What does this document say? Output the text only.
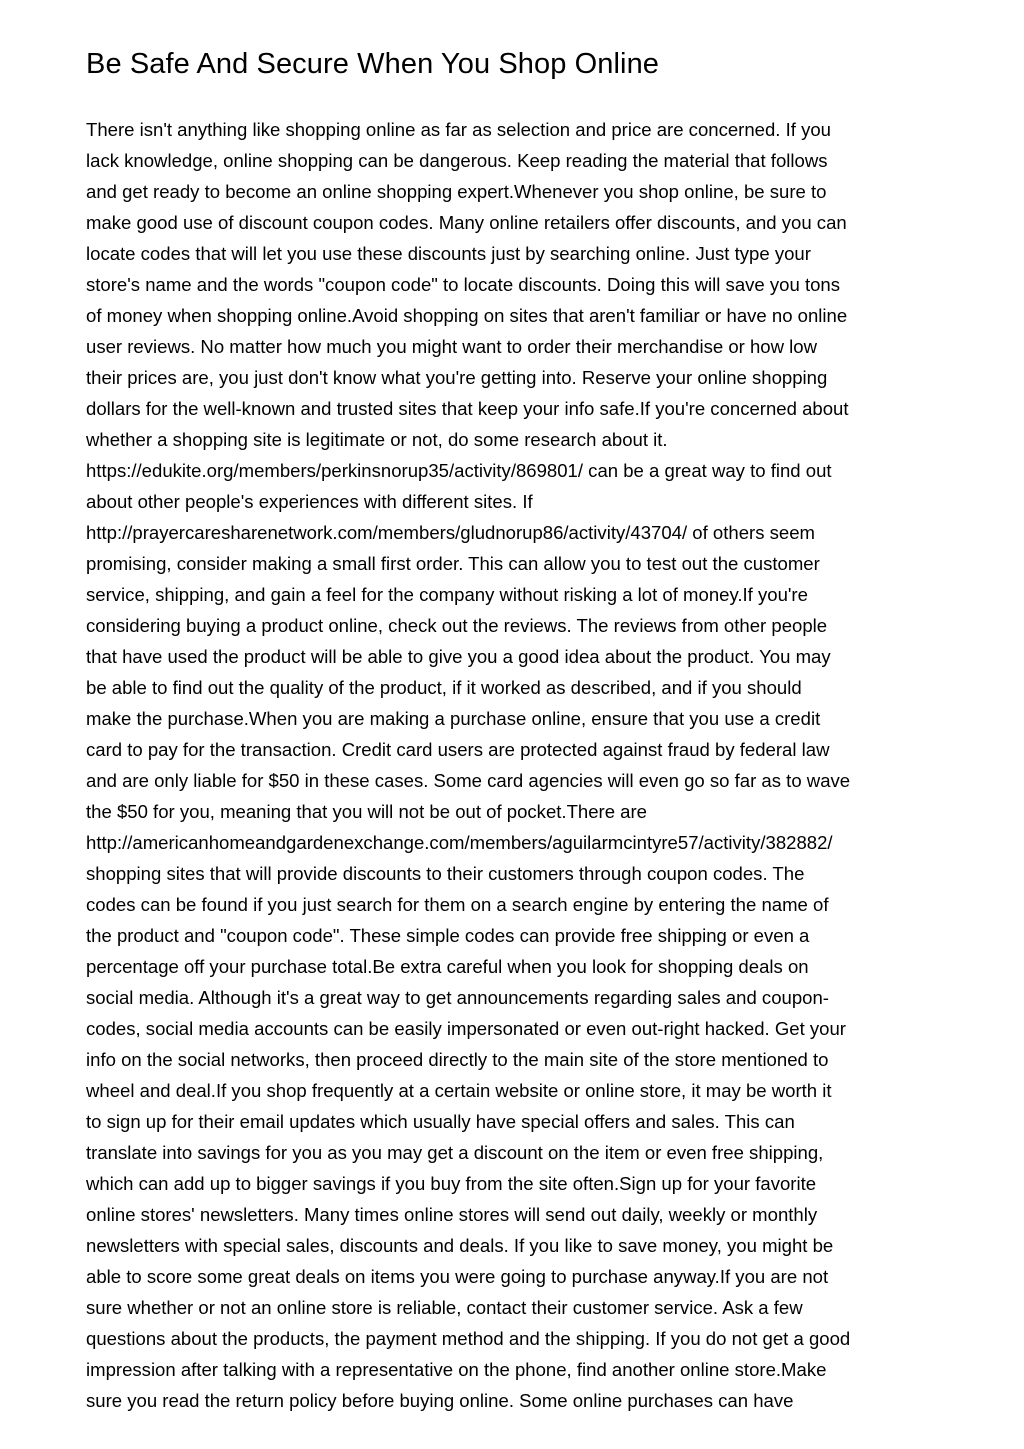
Be Safe And Secure When You Shop Online
There isn't anything like shopping online as far as selection and price are concerned. If you
lack knowledge, online shopping can be dangerous. Keep reading the material that follows
and get ready to become an online shopping expert.Whenever you shop online, be sure to
make good use of discount coupon codes. Many online retailers offer discounts, and you can
locate codes that will let you use these discounts just by searching online. Just type your
store's name and the words "coupon code" to locate discounts. Doing this will save you tons
of money when shopping online.Avoid shopping on sites that aren't familiar or have no online
user reviews. No matter how much you might want to order their merchandise or how low
their prices are, you just don't know what you're getting into. Reserve your online shopping
dollars for the well-known and trusted sites that keep your info safe.If you're concerned about
whether a shopping site is legitimate or not, do some research about it.
https://edukite.org/members/perkinsnorup35/activity/869801/ can be a great way to find out
about other people's experiences with different sites. If
http://prayercaresharenetwork.com/members/gludnorup86/activity/43704/ of others seem
promising, consider making a small first order. This can allow you to test out the customer
service, shipping, and gain a feel for the company without risking a lot of money.If you're
considering buying a product online, check out the reviews. The reviews from other people
that have used the product will be able to give you a good idea about the product. You may
be able to find out the quality of the product, if it worked as described, and if you should
make the purchase.When you are making a purchase online, ensure that you use a credit
card to pay for the transaction. Credit card users are protected against fraud by federal law
and are only liable for $50 in these cases. Some card agencies will even go so far as to wave
the $50 for you, meaning that you will not be out of pocket.There are
http://americanhomeandgardenexchange.com/members/aguilarmcintyre57/activity/382882/
shopping sites that will provide discounts to their customers through coupon codes. The
codes can be found if you just search for them on a search engine by entering the name of
the product and "coupon code". These simple codes can provide free shipping or even a
percentage off your purchase total.Be extra careful when you look for shopping deals on
social media. Although it's a great way to get announcements regarding sales and coupon-
codes, social media accounts can be easily impersonated or even out-right hacked. Get your
info on the social networks, then proceed directly to the main site of the store mentioned to
wheel and deal.If you shop frequently at a certain website or online store, it may be worth it
to sign up for their email updates which usually have special offers and sales. This can
translate into savings for you as you may get a discount on the item or even free shipping,
which can add up to bigger savings if you buy from the site often.Sign up for your favorite
online stores' newsletters. Many times online stores will send out daily, weekly or monthly
newsletters with special sales, discounts and deals. If you like to save money, you might be
able to score some great deals on items you were going to purchase anyway.If you are not
sure whether or not an online store is reliable, contact their customer service. Ask a few
questions about the products, the payment method and the shipping. If you do not get a good
impression after talking with a representative on the phone, find another online store.Make
sure you read the return policy before buying online. Some online purchases can have
